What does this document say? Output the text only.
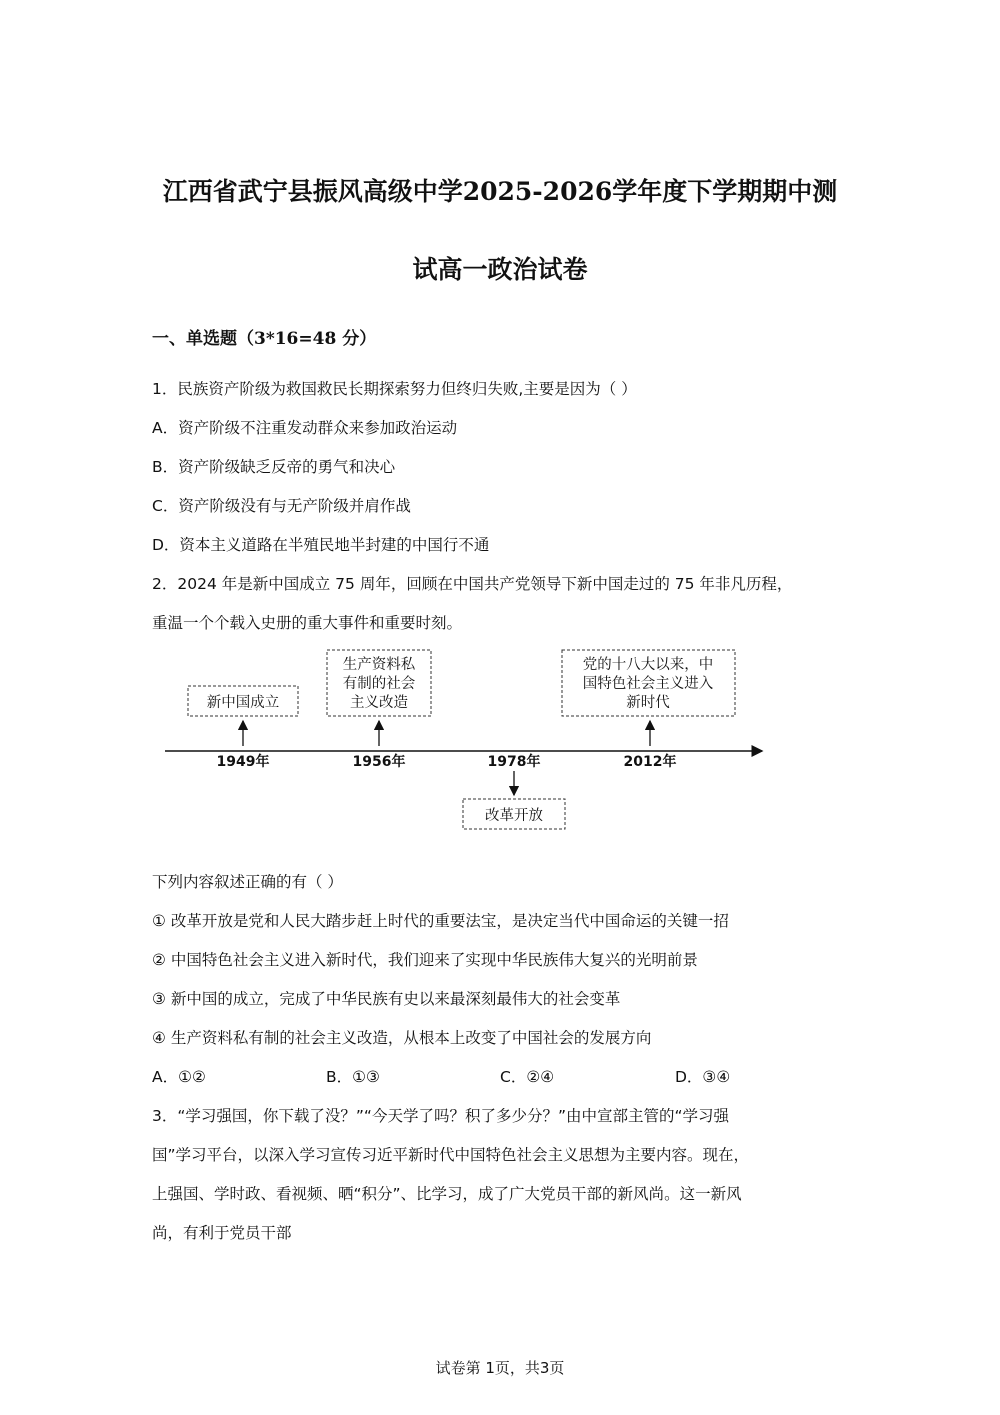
江西省武宁县振风高级中学2025-2026学年度下学期期中测
试高一政治试卷
一、单选题（3*16=48 分）
1．民族资产阶级为救国救民长期探索努力但终归失败,主要是因为（ ）
A．资产阶级不注重发动群众来参加政治运动
B．资产阶级缺乏反帝的勇气和决心
C．资产阶级没有与无产阶级并肩作战
D．资本主义道路在半殖民地半封建的中国行不通
2．2024 年是新中国成立 75 周年，回顾在中国共产党领导下新中国走过的 75 年非凡历程，
重温一个个载入史册的重大事件和重要时刻。
新中国成立
1949年
生产资料私
有制的社会
主义改造
1956年
党的十八大以来，中
国特色社会主义进入
新时代
2012年
1978年
改革开放
下列内容叙述正确的有（ ）
① 改革开放是党和人民大踏步赶上时代的重要法宝，是决定当代中国命运的关键一招
② 中国特色社会主义进入新时代，我们迎来了实现中华民族伟大复兴的光明前景
③ 新中国的成立，完成了中华民族有史以来最深刻最伟大的社会变革
④ 生产资料私有制的社会主义改造，从根本上改变了中国社会的发展方向
A．①②	B．①③	C．②④	D．③④
3．“学习强国，你下载了没？”“今天学了吗？积了多少分？”由中宣部主管的“学习强
国”学习平台，以深入学习宣传习近平新时代中国特色社会主义思想为主要内容。现在，
上强国、学时政、看视频、晒“积分”、比学习，成了广大党员干部的新风尚。这一新风
尚，有利于党员干部
试卷第 1页，共3页
